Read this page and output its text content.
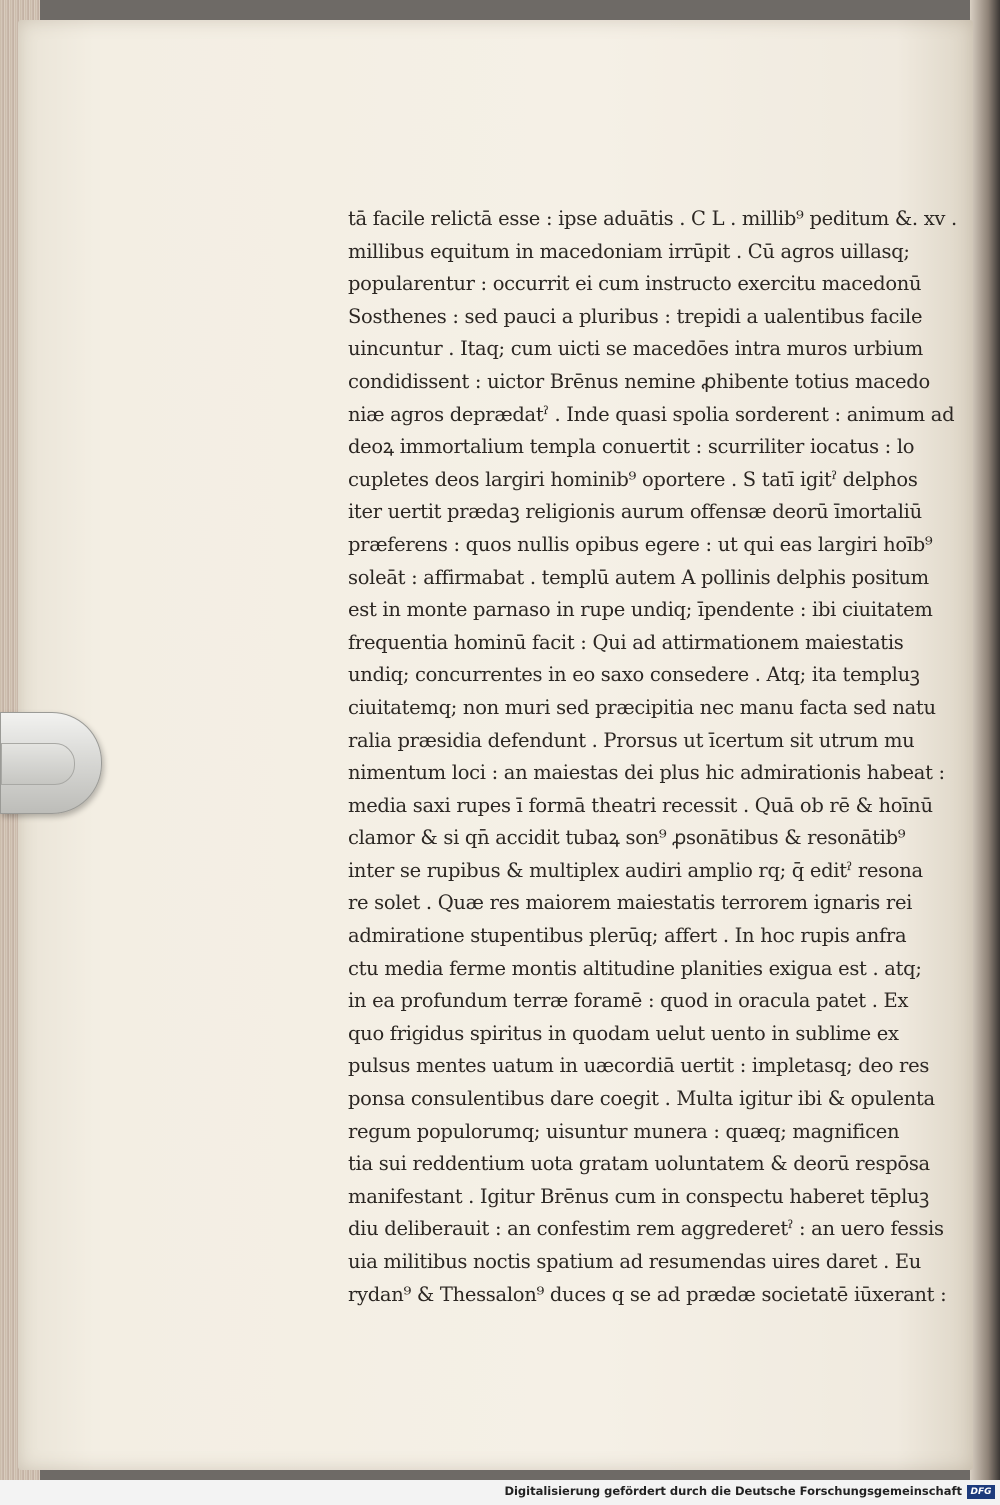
tā facile relictā esse : ipse aduātis . C L . millib⁹ peditum &. xv .
millibus equitum in macedoniam irrūpit . Cū agros uillasq;
popularentur : occurrit ei cum instructo exercitu macedonū
Sosthenes : sed pauci a pluribus : trepidi a ualentibus facile
uincuntur . Itaq; cum uicti se macedōes intra muros urbium
condidissent : uictor Brēnus nemine ꝓhibente totius macedo
niæ agros deprædatˀ . Inde quasi spolia sorderent : animum ad
deoꝝ immortalium templa conuertit : scurriliter iocatus : lo
cupletes deos largiri hominib⁹ oportere . S tatī igitˀ delphos
iter uertit prædaꝫ religionis aurum offensæ deorū īmortaliū
præferens : quos nullis opibus egere : ut qui eas largiri hoīb⁹
soleāt : affirmabat . templū autem A pollinis delphis positum
est in monte parnaso in rupe undiq; īpendente : ibi ciuitatem
frequentia hominū facit : Qui ad attirmationem maiestatis
undiq; concurrentes in eo saxo consedere . Atq; ita templuꝫ
ciuitatemq; non muri sed præcipitia nec manu facta sed natu
ralia præsidia defendunt . Prorsus ut īcertum sit utrum mu
nimentum loci : an maiestas dei plus hic admirationis habeat :
media saxi rupes ī formā theatri recessit . Quā ob rē & hoīnū
clamor & si qn̄ accidit tubaꝝ son⁹ ꝓsonātibus & resonātib⁹
inter se rupibus & multiplex audiri amplio rq; q̄ editˀ resona
re solet . Quæ res maiorem maiestatis terrorem ignaris rei
admiratione stupentibus plerūq; affert . In hoc rupis anfra
ctu media ferme montis altitudine planities exigua est . atq;
in ea profundum terræ foramē : quod in oracula patet . Ex
quo frigidus spiritus in quodam uelut uento in sublime ex
pulsus mentes uatum in uæcordiā uertit : impletasq; deo res
ponsa consulentibus dare coegit . Multa igitur ibi & opulenta
regum populorumq; uisuntur munera : quæq; magnificen
tia sui reddentium uota gratam uoluntatem & deorū respōsa
manifestant . Igitur Brēnus cum in conspectu haberet tēpluꝫ
diu deliberauit : an confestim rem aggrederetˀ : an uero fessis
uia militibus noctis spatium ad resumendas uires daret . Eu
rydan⁹ & Thessalon⁹ duces q se ad prædæ societatē iūxerant :
Digitalisierung gefördert durch die Deutsche Forschungsgemeinschaft DFG
